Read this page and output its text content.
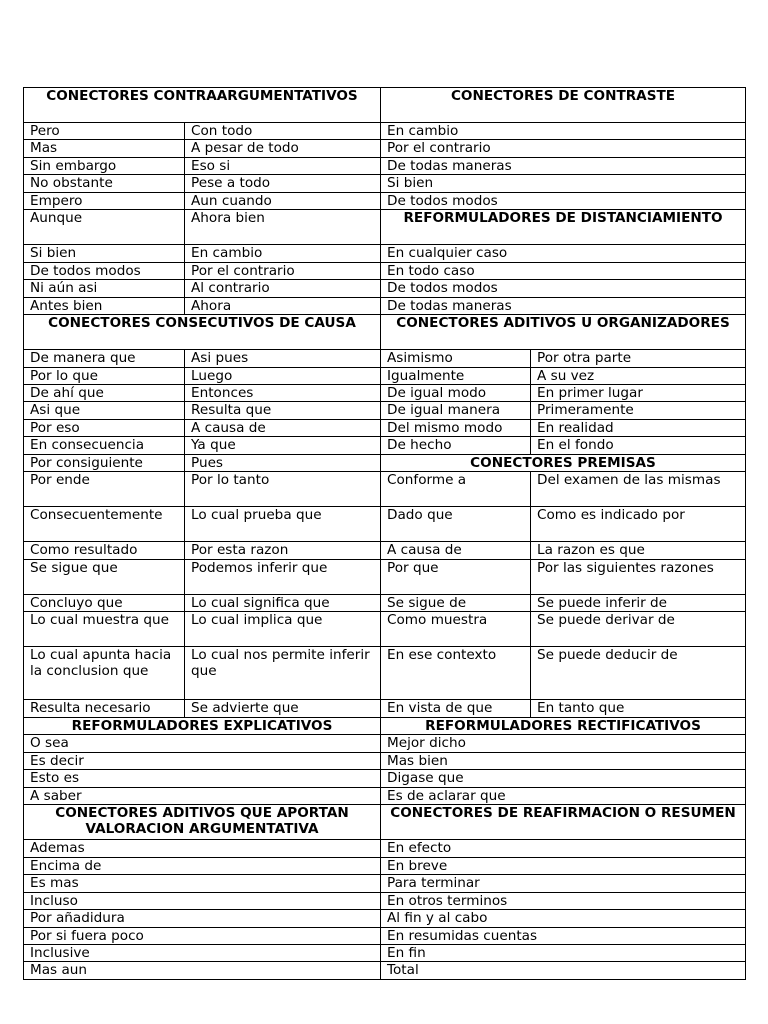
CONECTORES CONTRAARGUMENTATIVOS		CONECTORES DE CONTRASTE	
Pero	Con todo	En cambio	
Mas	A pesar de todo	Por el contrario	
Sin embargo	Eso si	De todas maneras	
No obstante	Pese a todo	Si bien	
Empero	Aun cuando	De todos modos	
Aunque	Ahora bien	REFORMULADORES DE DISTANCIAMIENTO	
Si bien	En cambio	En cualquier caso	
De todos modos	Por el contrario	En todo caso	
Ni aún asi	Al contrario	De todos modos	
Antes bien	Ahora	De todas maneras	
CONECTORES CONSECUTIVOS DE CAUSA		CONECTORES ADITIVOS U ORGANIZADORES	
De manera que	Asi pues	Asimismo	Por otra parte
Por lo que	Luego	Igualmente	A su vez
De ahí que	Entonces	De igual modo	En primer lugar
Asi que	Resulta que	De igual manera	Primeramente
Por eso	A causa de	Del mismo modo	En realidad
En consecuencia	Ya que	De hecho	En el fondo
Por consiguiente	Pues	CONECTORES PREMISAS	
Por ende	Por lo tanto	Conforme a	Del examen de las mismas
Consecuentemente	Lo cual prueba que	Dado que	Como es indicado por
Como resultado	Por esta razon	A causa de	La razon es que
Se sigue que	Podemos inferir que	Por que	Por las siguientes razones
Concluyo que	Lo cual significa que	Se sigue de	Se puede inferir de
Lo cual muestra que	Lo cual implica que	Como muestra	Se puede derivar de
Lo cual apunta hacia la conclusion que	Lo cual nos permite inferir que	En ese contexto	Se puede deducir de
Resulta necesario	Se advierte que	En vista de que	En tanto que
REFORMULADORES EXPLICATIVOS		REFORMULADORES RECTIFICATIVOS	
O sea		Mejor dicho	
Es decir		Mas bien	
Esto es		Digase que	
A saber		Es de aclarar que	
CONECTORES ADITIVOS QUE APORTAN VALORACION ARGUMENTATIVA		CONECTORES DE REAFIRMACION O RESUMEN	
Ademas		En efecto	
Encima de		En breve	
Es mas		Para terminar	
Incluso		En otros terminos	
Por añadidura		Al fin y al cabo	
Por si fuera poco		En resumidas cuentas	
Inclusive		En fin	
Mas aun		Total	
